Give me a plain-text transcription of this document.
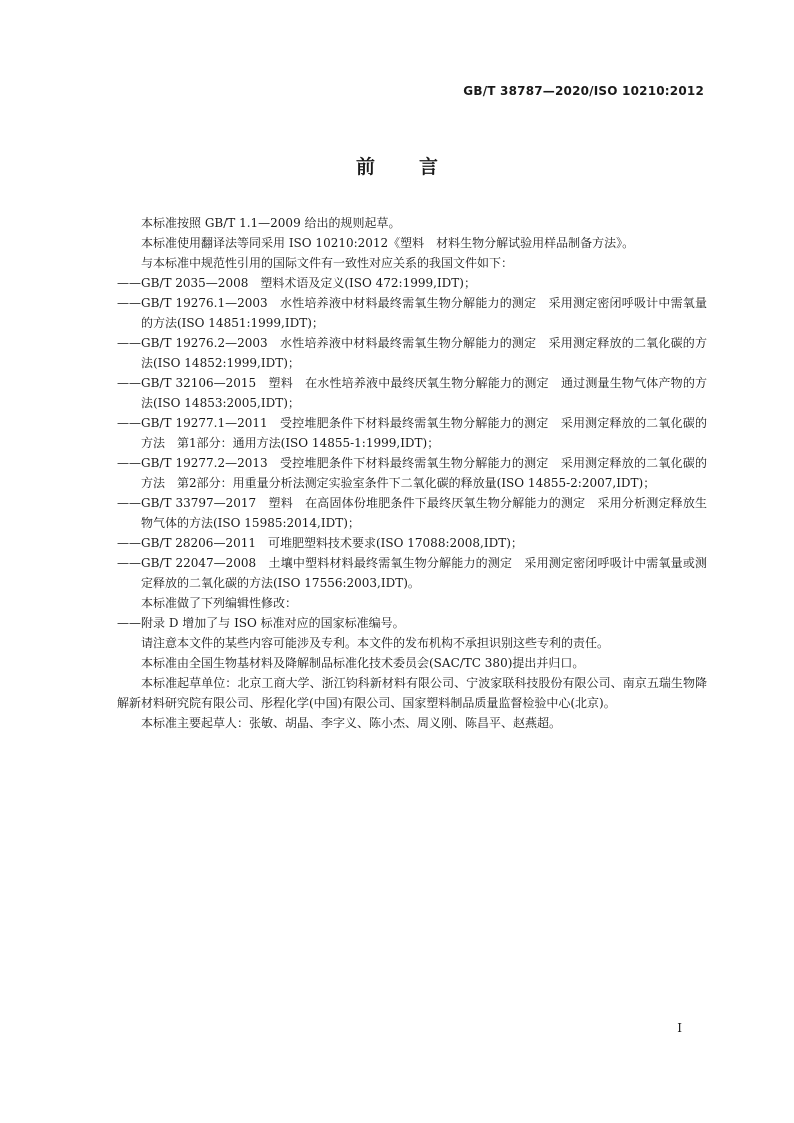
GB/T 38787—2020/ISO 10210:2012
前言

本标准按照 GB/T 1.1—2009 给出的规则起草。

本标准使用翻译法等同采用 ISO 10210:2012《塑料　材料生物分解试验用样品制备方法》。

与本标准中规范性引用的国际文件有一致性对应关系的我国文件如下：

——GB/T 2035—2008　塑料术语及定义(ISO 472:1999,IDT)；

——GB/T 19276.1—2003　水性培养液中材料最终需氧生物分解能力的测定　采用测定密闭呼吸计中需氧量的方法(ISO 14851:1999,IDT)；

——GB/T 19276.2—2003　水性培养液中材料最终需氧生物分解能力的测定　采用测定释放的二氧化碳的方法(ISO 14852:1999,IDT)；

——GB/T 32106—2015　塑料　在水性培养液中最终厌氧生物分解能力的测定　通过测量生物气体产物的方法(ISO 14853:2005,IDT)；

——GB/T 19277.1—2011　受控堆肥条件下材料最终需氧生物分解能力的测定　采用测定释放的二氧化碳的方法　第1部分：通用方法(ISO 14855-1:1999,IDT)；

——GB/T 19277.2—2013　受控堆肥条件下材料最终需氧生物分解能力的测定　采用测定释放的二氧化碳的方法　第2部分：用重量分析法测定实验室条件下二氧化碳的释放量(ISO 14855-2:2007,IDT)；

——GB/T 33797—2017　塑料　在高固体份堆肥条件下最终厌氧生物分解能力的测定　采用分析测定释放生物气体的方法(ISO 15985:2014,IDT)；

——GB/T 28206—2011　可堆肥塑料技术要求(ISO 17088:2008,IDT)；

——GB/T 22047—2008　土壤中塑料材料最终需氧生物分解能力的测定　采用测定密闭呼吸计中需氧量或测定释放的二氧化碳的方法(ISO 17556:2003,IDT)。

本标准做了下列编辑性修改：

——附录 D 增加了与 ISO 标准对应的国家标准编号。

请注意本文件的某些内容可能涉及专利。本文件的发布机构不承担识别这些专利的责任。

本标准由全国生物基材料及降解制品标准化技术委员会(SAC/TC 380)提出并归口。

本标准起草单位：北京工商大学、浙江钧科新材料有限公司、宁波家联科技股份有限公司、南京五瑞生物降解新材料研究院有限公司、彤程化学(中国)有限公司、国家塑料制品质量监督检验中心(北京)。

本标准主要起草人：张敏、胡晶、李字义、陈小杰、周义刚、陈昌平、赵燕超。

I
